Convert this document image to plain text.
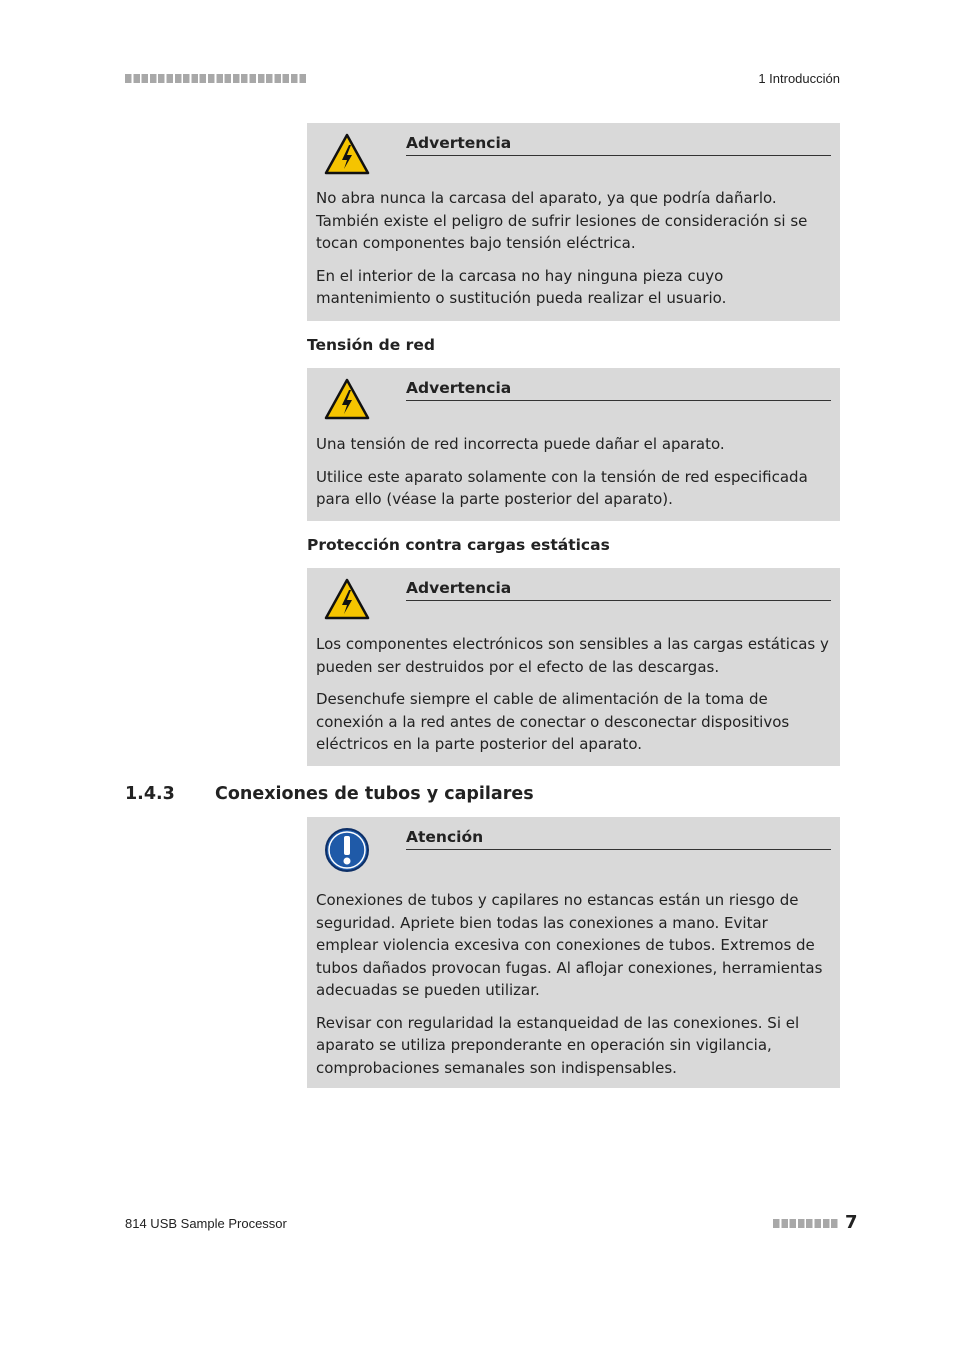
1 Introducción
Advertencia

No abra nunca la carcasa del aparato, ya que podría dañarlo. También existe el peligro de sufrir lesiones de consideración si se tocan componentes bajo tensión eléctrica.

En el interior de la carcasa no hay ninguna pieza cuyo mantenimiento o sustitución pueda realizar el usuario.

Tensión de red
Advertencia

Una tensión de red incorrecta puede dañar el aparato.

Utilice este aparato solamente con la tensión de red especificada para ello (véase la parte posterior del aparato).

Protección contra cargas estáticas
Advertencia

Los componentes electrónicos son sensibles a las cargas estáticas y pueden ser destruidos por el efecto de las descargas.

Desenchufe siempre el cable de alimentación de la toma de conexión a la red antes de conectar o desconectar dispositivos eléctricos en la parte posterior del aparato.

1.4.3 Conexiones de tubos y capilares
Atención

Conexiones de tubos y capilares no estancas están un riesgo de seguridad. Apriete bien todas las conexiones a mano. Evitar emplear violencia excesiva con conexiones de tubos. Extremos de tubos dañados provocan fugas. Al aflojar conexiones, herramientas adecuadas se pueden utilizar.

Revisar con regularidad la estanqueidad de las conexiones. Si el aparato se utiliza preponderante en operación sin vigilancia, comprobaciones semanales son indispensables.

814 USB Sample Processor	7
